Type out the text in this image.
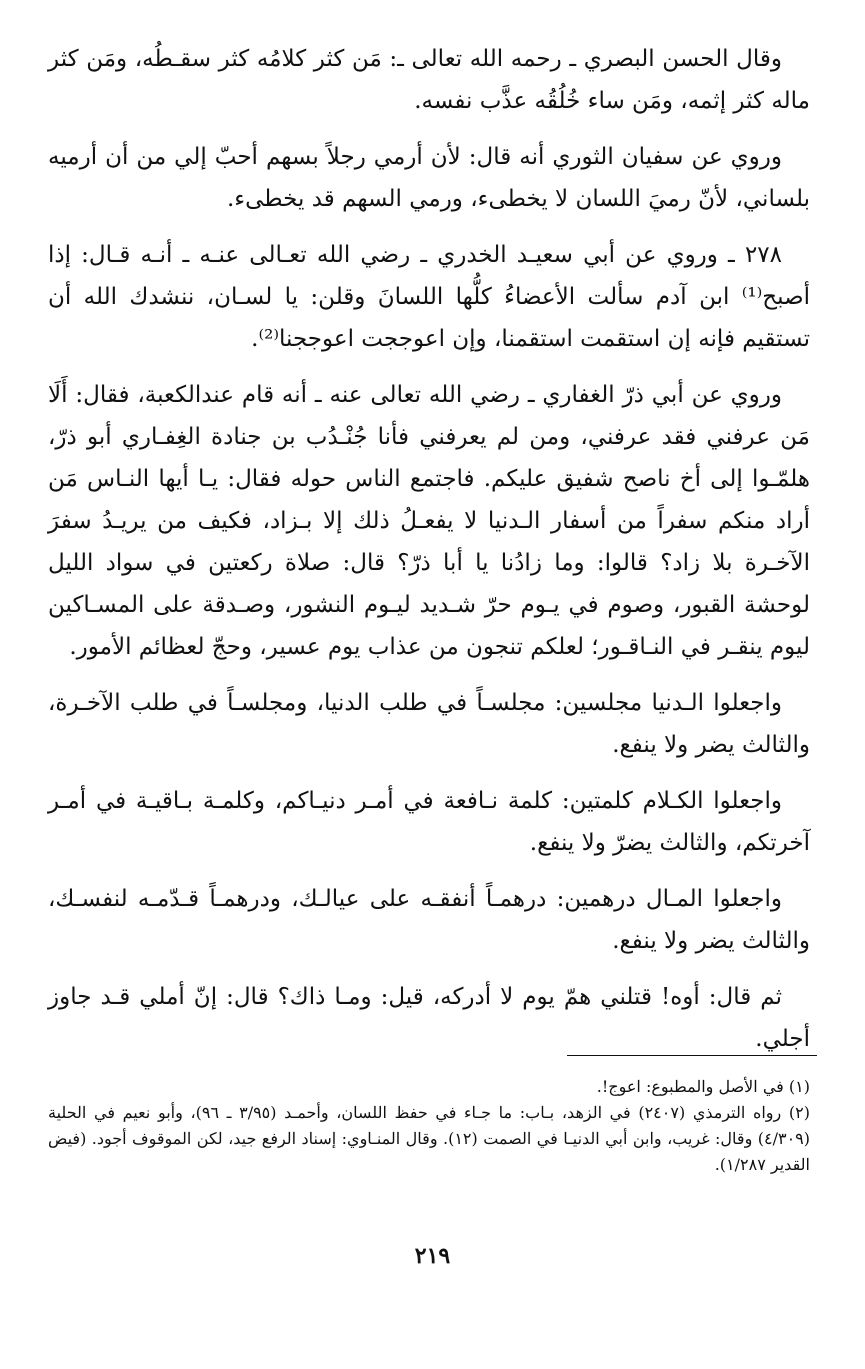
وقال الحسن البصري ـ رحمه الله تعالى ـ: مَن كثر كلامُه كثر سقـطُه، ومَن كثر ماله كثر إثمه، ومَن ساء خُلُقُه عذَّب نفسه.

وروي عن سفيان الثوري أنه قال: لأن أرمي رجلاً بسهم أحبّ إلي من أن أرميه بلساني، لأنّ رميَ اللسان لا يخطىء، ورمي السهم قد يخطىء.

٢٧٨ ـ وروي عن أبي سعيـد الخدري ـ رضي الله تعـالى عنـه ـ أنـه قـال: إذا أصبح⁽¹⁾ ابن آدم سألت الأعضاءُ كلُّها اللسانَ وقلن: يا لسـان، ننشدك الله أن تستقيم فإنه إن استقمت استقمنا، وإن اعوججت اعوججنا⁽²⁾.

وروي عن أبي ذرّ الغفاري ـ رضي الله تعالى عنه ـ أنه قام عندالكعبة، فقال: أَلَا مَن عرفني فقد عرفني، ومن لم يعرفني فأنا جُنْـدُب بن جنادة الغِفـاري أبو ذرّ، هلمّـوا إلى أخ ناصح شفيق عليكم. فاجتمع الناس حوله فقال: يـا أيها النـاس مَن أراد منكم سفراً من أسفار الـدنيا لا يفعـلُ ذلك إلا بـزاد، فكيف من يريـدُ سفرَ الآخـرة بلا زاد؟ قالوا: وما زادُنا يا أبا ذرّ؟ قال: صلاة ركعتين في سواد الليل لوحشة القبور، وصوم في يـوم حرّ شـديد ليـوم النشور، وصـدقة على المسـاكين ليوم ينقـر في النـاقـور؛ لعلكم تنجون من عذاب يوم عسير، وحجّ لعظائم الأمور.

واجعلوا الـدنيا مجلسين: مجلسـاً في طلب الدنيا، ومجلسـاً في طلب الآخـرة، والثالث يضر ولا ينفع.

واجعلوا الكـلام كلمتين: كلمة نـافعة في أمـر دنيـاكم، وكلمـة بـاقيـة في أمـر آخرتكم، والثالث يضرّ ولا ينفع.

واجعلوا المـال درهمين: درهمـاً أنفقـه على عيالـك، ودرهمـاً قـدّمـه لنفسـك، والثالث يضر ولا ينفع.

ثم قال: أوه! قتلني همّ يوم لا أدركه، قيل: ومـا ذاك؟ قال: إنّ أملي قـد جاوز أجلي.

(١) في الأصل والمطبوع: اعوج!.

(٢) رواه الترمذي (٢٤٠٧) في الزهد، بـاب: ما جـاء في حفظ اللسان، وأحمـد (٣/٩٥ ـ ٩٦)، وأبو نعيم في الحلية (٤/٣٠٩) وقال: غريب، وابن أبي الدنيـا في الصمت (١٢). وقال المنـاوي: إسناد الرفع جيد، لكن الموقوف أجود. (فيض القدير ١/٢٨٧).

٢١٩
